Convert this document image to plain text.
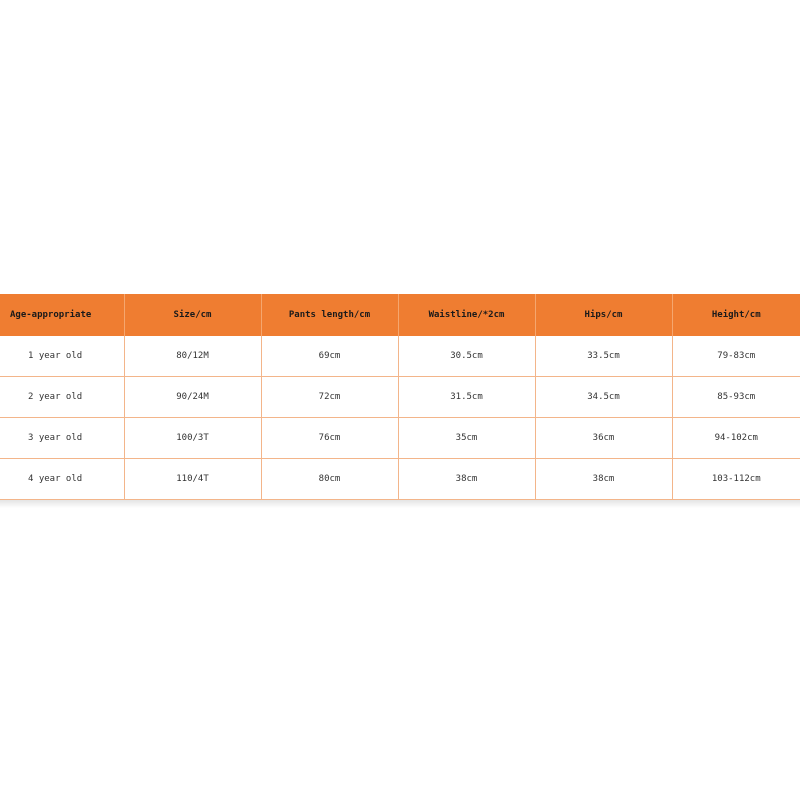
Age-appropriate	Size/cm	Pants length/cm	Waistline/*2cm	Hips/cm	Height/cm
1 year old	80/12M	69cm	30.5cm	33.5cm	79-83cm
2 year old	90/24M	72cm	31.5cm	34.5cm	85-93cm
3 year old	100/3T	76cm	35cm	36cm	94-102cm
4 year old	110/4T	80cm	38cm	38cm	103-112cm
